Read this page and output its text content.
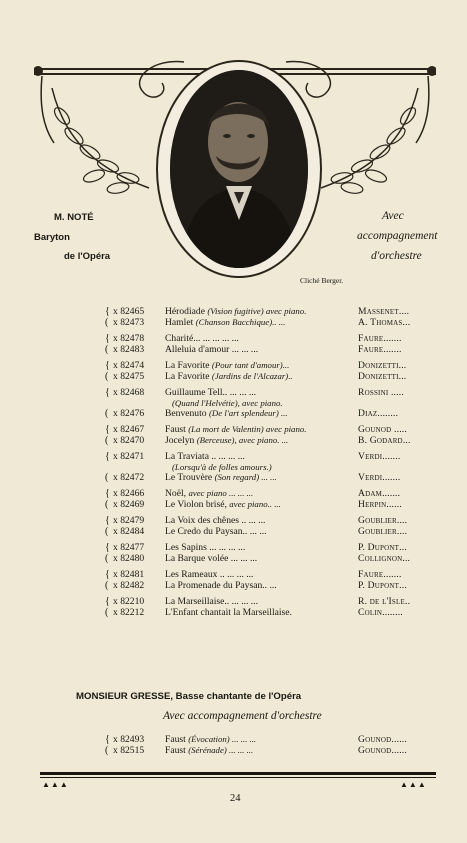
M. NOTÉ
Baryton
de l'Opéra
Avec
accompagnement
d'orchestre
Cliché Berger.
{ x 82465 Hérodiade (Vision fugitive) avec piano.	Massenet....
( x 82473 Hamlet (Chanson Bacchique).. ...	A. Thomas...
{ x 82478 Charité... ... ... ... ...	Faure.......
( x 82483 Alleluia d'amour ... ... ...	Faure.......
{ x 82474 La Favorite (Pour tant d'amour)...	Donizetti...
( x 82475 La Favorite (Jardins de l'Alcazar)..	Donizetti...
{ x 82468 Guillaume Tell.. ... ... ...	Rossini .....
(Quand l'Helvétie), avec piano.
( x 82476 Benvenuto (De l'art splendeur) ...	Diaz........
{ x 82467 Faust (La mort de Valentin) avec piano.	Gounod .....
( x 82470 Jocelyn (Berceuse), avec piano. ...	B. Godard...
{ x 82471 La Traviata .. ... ... ...	Verdi.......
(Lorsqu'à de folles amours.)
( x 82472 Le Trouvère (Son regard) ... ...	Verdi.......
{ x 82466 Noël, avec piano ... ... ...	Adam.......
( x 82469 Le Violon brisé, avec piano.. ...	Herpin......
{ x 82479 La Voix des chênes .. ... ...	Goublier....
( x 82484 Le Credo du Paysan.. ... ...	Goublier....
{ x 82477 Les Sapins ... ... ... ...	P. Dupont...
( x 82480 La Barque volée ... ... ...	Collignon...
{ x 82481 Les Rameaux .. ... ... ...	Faure.......
( x 82482 La Promenade du Paysan.. ...	P. Dupont...
{ x 82210 La Marseillaise.. ... ... ...	R. de l'Isle..
( x 82212 L'Enfant chantait la Marseillaise.	Colin........
MONSIEUR GRESSE, Basse chantante de l'Opéra
Avec accompagnement d'orchestre
{ x 82493 Faust (Évocation) ... ... ...	Gounod......
( x 82515 Faust (Sérénade) ... ... ...	Gounod......
▲▲▲	▲▲▲
24
